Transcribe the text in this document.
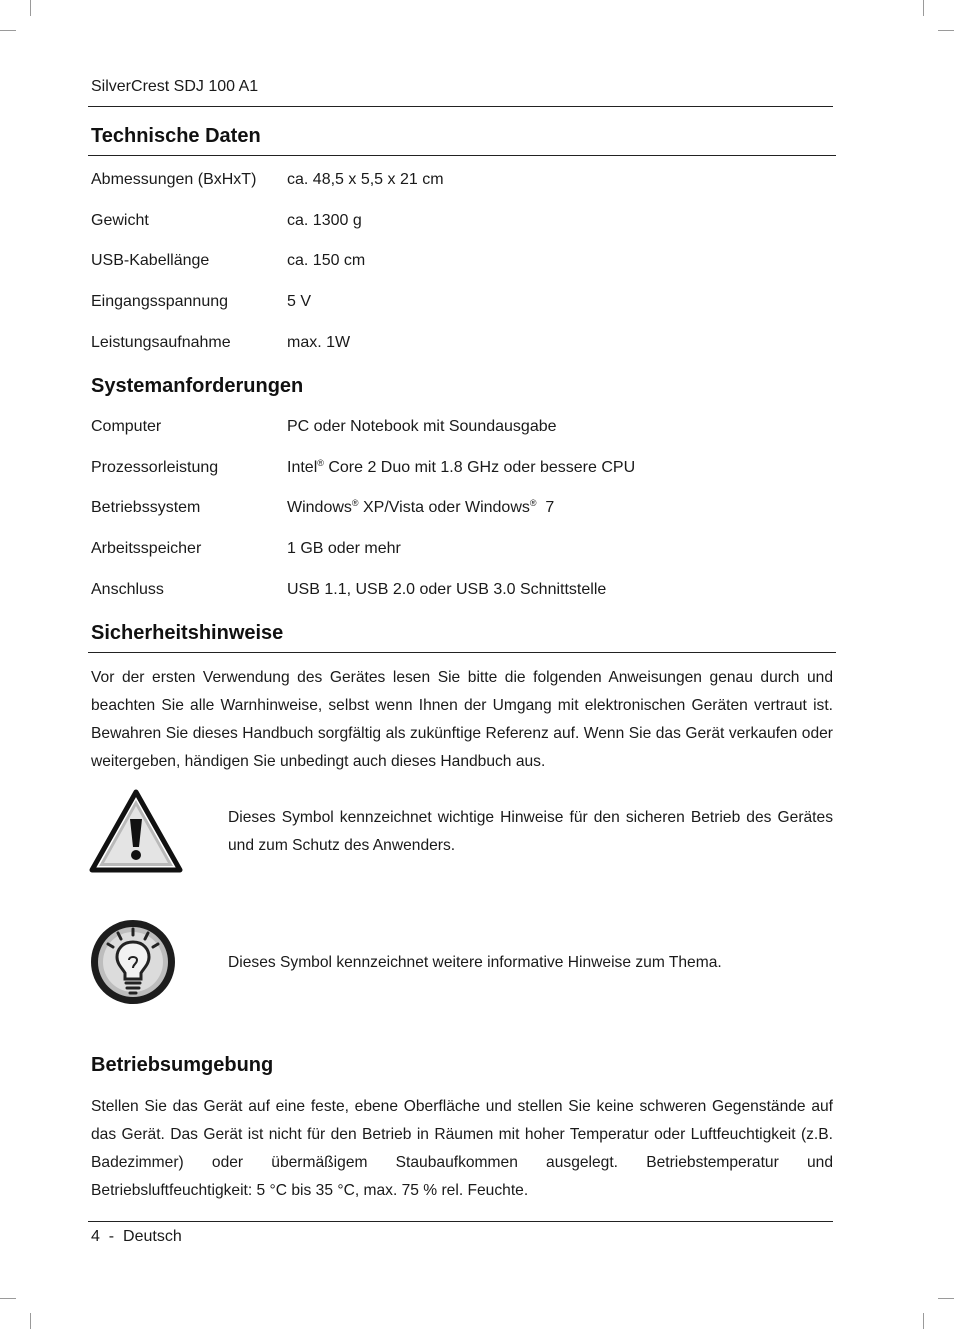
SilverCrest SDJ 100 A1
Technische Daten
Abmessungen (BxHxT) ca. 48,5 x 5,5 x 21 cm
Gewicht	ca. 1300 g
USB-Kabellänge	ca. 150 cm
Eingangsspannung	5 V
Leistungsaufnahme	max. 1W
Systemanforderungen
Computer	PC oder Notebook mit Soundausgabe
Prozessorleistung	Intel® Core 2 Duo mit 1.8 GHz oder bessere CPU
Betriebssystem	Windows® XP/Vista oder Windows®  7
Arbeitsspeicher	1 GB oder mehr
Anschluss	USB 1.1, USB 2.0 oder USB 3.0 Schnittstelle
Sicherheitshinweise

Vor der ersten Verwendung des Gerätes lesen Sie bitte die folgenden Anweisungen genau durch und beachten Sie alle Warnhinweise, selbst wenn Ihnen der Umgang mit elektronischen Geräten vertraut ist. Bewahren Sie dieses Handbuch sorgfältig als zukünftige Referenz auf. Wenn Sie das Gerät verkaufen oder weitergeben, händigen Sie unbedingt auch dieses Handbuch aus.

Dieses Symbol kennzeichnet wichtige Hinweise für den sicheren Betrieb des Gerätes und zum Schutz des Anwenders.

Dieses Symbol kennzeichnet weitere informative Hinweise zum Thema.

Betriebsumgebung

Stellen Sie das Gerät auf eine feste, ebene Oberfläche und stellen Sie keine schweren Gegenstände auf das Gerät. Das Gerät ist nicht für den Betrieb in Räumen mit hoher Temperatur oder Luftfeuchtigkeit (z.B. Badezimmer) oder übermäßigem Staubaufkommen ausgelegt. Betriebstemperatur und Betriebsluftfeuchtigkeit: 5 °C bis 35 °C, max. 75 % rel. Feuchte.

4  -  Deutsch
